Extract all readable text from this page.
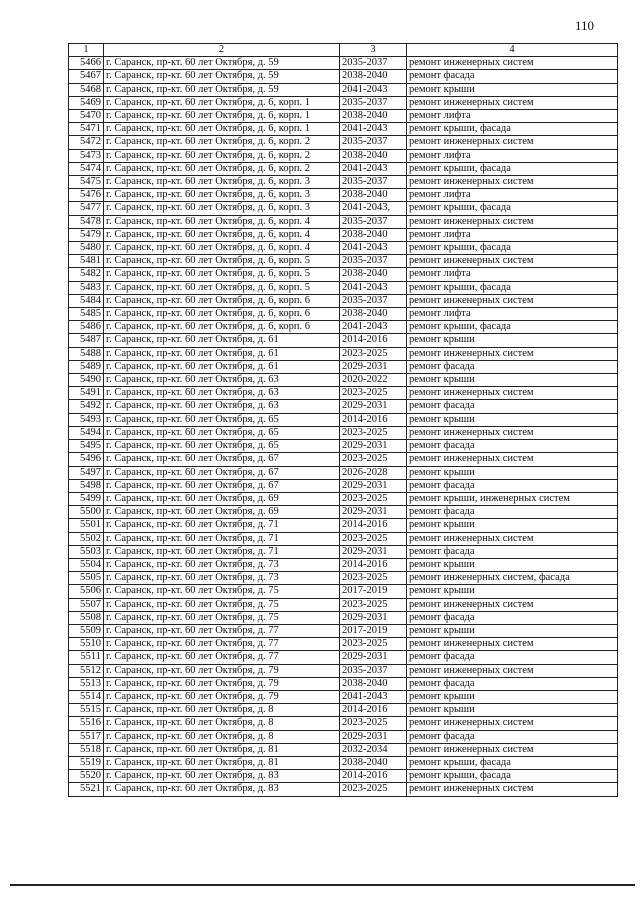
110
1	2	3	4
5466	г. Саранск, пр-кт. 60 лет Октября, д. 59	2035-2037	ремонт инженерных систем
5467	г. Саранск, пр-кт. 60 лет Октября, д. 59	2038-2040	ремонт фасада
5468	г. Саранск, пр-кт. 60 лет Октября, д. 59	2041-2043	ремонт крыши
5469	г. Саранск, пр-кт. 60 лет Октября, д. 6, корп. 1	2035-2037	ремонт инженерных систем
5470	г. Саранск, пр-кт. 60 лет Октября, д. 6, корп. 1	2038-2040	ремонт лифта
5471	г. Саранск, пр-кт. 60 лет Октября, д. 6, корп. 1	2041-2043	ремонт крыши, фасада
5472	г. Саранск, пр-кт. 60 лет Октября, д. 6, корп. 2	2035-2037	ремонт инженерных систем
5473	г. Саранск, пр-кт. 60 лет Октября, д. 6, корп. 2	2038-2040	ремонт лифта
5474	г. Саранск, пр-кт. 60 лет Октября, д. 6, корп. 2	2041-2043	ремонт крыши, фасада
5475	г. Саранск, пр-кт. 60 лет Октября, д. 6, корп. 3	2035-2037	ремонт инженерных систем
5476	г. Саранск, пр-кт. 60 лет Октября, д. 6, корп. 3	2038-2040	ремонт лифта
5477	г. Саранск, пр-кт. 60 лет Октября, д. 6, корп. 3	2041-2043,	ремонт крыши, фасада
5478	г. Саранск, пр-кт. 60 лет Октября, д. 6, корп. 4	2035-2037	ремонт инженерных систем
5479	г. Саранск, пр-кт. 60 лет Октября, д. 6, корп. 4	2038-2040	ремонт лифта
5480	г. Саранск, пр-кт. 60 лет Октября, д. 6, корп. 4	2041-2043	ремонт крыши, фасада
5481	г. Саранск, пр-кт. 60 лет Октября, д. 6, корп. 5	2035-2037	ремонт инженерных систем
5482	г. Саранск, пр-кт. 60 лет Октября, д. 6, корп. 5	2038-2040	ремонт лифта
5483	г. Саранск, пр-кт. 60 лет Октября, д. 6, корп. 5	2041-2043	ремонт крыши, фасада
5484	г. Саранск, пр-кт. 60 лет Октября, д. 6, корп. 6	2035-2037	ремонт инженерных систем
5485	г. Саранск, пр-кт. 60 лет Октября, д. 6, корп. 6	2038-2040	ремонт лифта
5486	г. Саранск, пр-кт. 60 лет Октября, д. 6, корп. 6	2041-2043	ремонт крыши, фасада
5487	г. Саранск, пр-кт. 60 лет Октября, д. 61	2014-2016	ремонт крыши
5488	г. Саранск, пр-кт. 60 лет Октября, д. 61	2023-2025	ремонт инженерных систем
5489	г. Саранск, пр-кт. 60 лет Октября, д. 61	2029-2031	ремонт фасада
5490	г. Саранск, пр-кт. 60 лет Октября, д. 63	2020-2022	ремонт крыши
5491	г. Саранск, пр-кт. 60 лет Октября, д. 63	2023-2025	ремонт инженерных систем
5492	г. Саранск, пр-кт. 60 лет Октября, д. 63	2029-2031	ремонт фасада
5493	г. Саранск, пр-кт. 60 лет Октября, д. 65	2014-2016	ремонт крыши
5494	г. Саранск, пр-кт. 60 лет Октября, д. 65	2023-2025	ремонт инженерных систем
5495	г. Саранск, пр-кт. 60 лет Октября, д. 65	2029-2031	ремонт фасада
5496	г. Саранск, пр-кт. 60 лет Октября, д. 67	2023-2025	ремонт инженерных систем
5497	г. Саранск, пр-кт. 60 лет Октября, д. 67	2026-2028	ремонт крыши
5498	г. Саранск, пр-кт. 60 лет Октября, д. 67	2029-2031	ремонт фасада
5499	г. Саранск, пр-кт. 60 лет Октября, д. 69	2023-2025	ремонт крыши, инженерных систем
5500	г. Саранск, пр-кт. 60 лет Октября, д. 69	2029-2031	ремонт фасада
5501	г. Саранск, пр-кт. 60 лет Октября, д. 71	2014-2016	ремонт крыши
5502	г. Саранск, пр-кт. 60 лет Октября, д. 71	2023-2025	ремонт инженерных систем
5503	г. Саранск, пр-кт. 60 лет Октября, д. 71	2029-2031	ремонт фасада
5504	г. Саранск, пр-кт. 60 лет Октября, д. 73	2014-2016	ремонт крыши
5505	г. Саранск, пр-кт. 60 лет Октября, д. 73	2023-2025	ремонт инженерных систем, фасада
5506	г. Саранск, пр-кт. 60 лет Октября, д. 75	2017-2019	ремонт крыши
5507	г. Саранск, пр-кт. 60 лет Октября, д. 75	2023-2025	ремонт инженерных систем
5508	г. Саранск, пр-кт. 60 лет Октября, д. 75	2029-2031	ремонт фасада
5509	г. Саранск, пр-кт. 60 лет Октября, д. 77	2017-2019	ремонт крыши
5510	г. Саранск, пр-кт. 60 лет Октября, д. 77	2023-2025	ремонт инженерных систем
5511	г. Саранск, пр-кт. 60 лет Октября, д. 77	2029-2031	ремонт фасада
5512	г. Саранск, пр-кт. 60 лет Октября, д. 79	2035-2037	ремонт инженерных систем
5513	г. Саранск, пр-кт. 60 лет Октября, д. 79	2038-2040	ремонт фасада
5514	г. Саранск, пр-кт. 60 лет Октября, д. 79	2041-2043	ремонт крыши
5515	г. Саранск, пр-кт. 60 лет Октября, д. 8	2014-2016	ремонт крыши
5516	г. Саранск, пр-кт. 60 лет Октября, д. 8	2023-2025	ремонт инженерных систем
5517	г. Саранск, пр-кт. 60 лет Октября, д. 8	2029-2031	ремонт фасада
5518	г. Саранск, пр-кт. 60 лет Октября, д. 81	2032-2034	ремонт инженерных систем
5519	г. Саранск, пр-кт. 60 лет Октября, д. 81	2038-2040	ремонт крыши, фасада
5520	г. Саранск, пр-кт. 60 лет Октября, д. 83	2014-2016	ремонт крыши, фасада
5521	г. Саранск, пр-кт. 60 лет Октября, д. 83	2023-2025	ремонт инженерных систем
